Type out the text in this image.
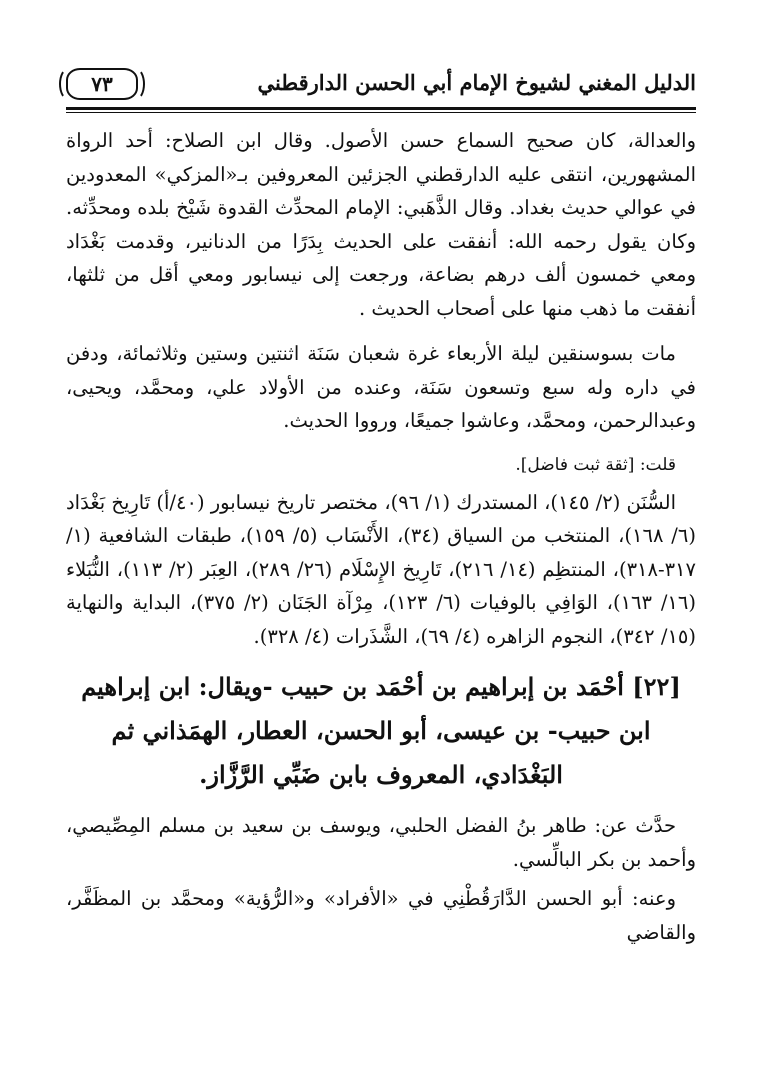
الدليل المغني لشيوخ الإمام أبي الحسن الدارقطني
٧٣

والعدالة، كان صحيح السماع حسن الأصول. وقال ابن الصلاح: أحد الرواة المشهورين، انتقى عليه الدارقطني الجزئين المعروفين بـ«المزكي» المعدودين في عوالي حديث بغداد. وقال الذَّهَبي: الإمام المحدِّث القدوة شَيْخ بلده ومحدِّثه. وكان يقول رحمه الله: أنفقت على الحديث بِدَرًا من الدنانير، وقدمت بَغْدَاد ومعي خمسون ألف درهم بضاعة، ورجعت إلى نيسابور ومعي أقل من ثلثها، أنفقت ما ذهب منها على أصحاب الحديث .

مات بسوسنقين ليلة الأربعاء غرة شعبان سَنَة اثنتين وستين وثلاثمائة، ودفن في داره وله سبع وتسعون سَنَة، وعنده من الأولاد علي، ومحمَّد، ويحيى، وعبدالرحمن، ومحمَّد، وعاشوا جميعًا، ورووا الحديث.

قلت: [ثقة ثبت فاضل].

السُّنَن (٢/ ١٤٥)، المستدرك (١/ ٩٦)، مختصر تاريخ نيسابور (٤٠/أ) تَارِيخ بَغْدَاد (٦/ ١٦٨)، المنتخب من السياق (٣٤)، الأَنْسَاب (٥/ ١٥٩)، طبقات الشافعية (١/ ٣١٧-٣١٨)، المنتظِم (١٤/ ٢١٦)، تَارِيخ الإِسْلَام (٢٦/ ٢٨٩)، العِبَر (٢/ ١١٣)، النُّبَلاء (١٦/ ١٦٣)، الوَافِي بالوفيات (٦/ ١٢٣)، مِرْآة الجَنَان (٢/ ٣٧٥)، البداية والنهاية (١٥/ ٣٤٢)، النجوم الزاهره (٤/ ٦٩)، الشَّذَرات (٤/ ٣٢٨).

[٢٢] أحْمَد بن إبراهيم بن أحْمَد بن حبيب -ويقال: ابن إبراهيم
ابن حبيب- بن عيسى، أبو الحسن، العطار، الهمَذاني ثم
البَغْدَادي، المعروف بابن ضَبِّي الرَّزَّاز.

حدَّث عن: طاهر بنُ الفضل الحلبي، ويوسف بن سعيد بن مسلم المِصِّيصي، وأحمد بن بكر البالِّسي.

وعنه: أبو الحسن الدَّارَقُطْنِي في «الأفراد» و«الرُّؤية» ومحمَّد بن المظَفَّر، والقاضي
